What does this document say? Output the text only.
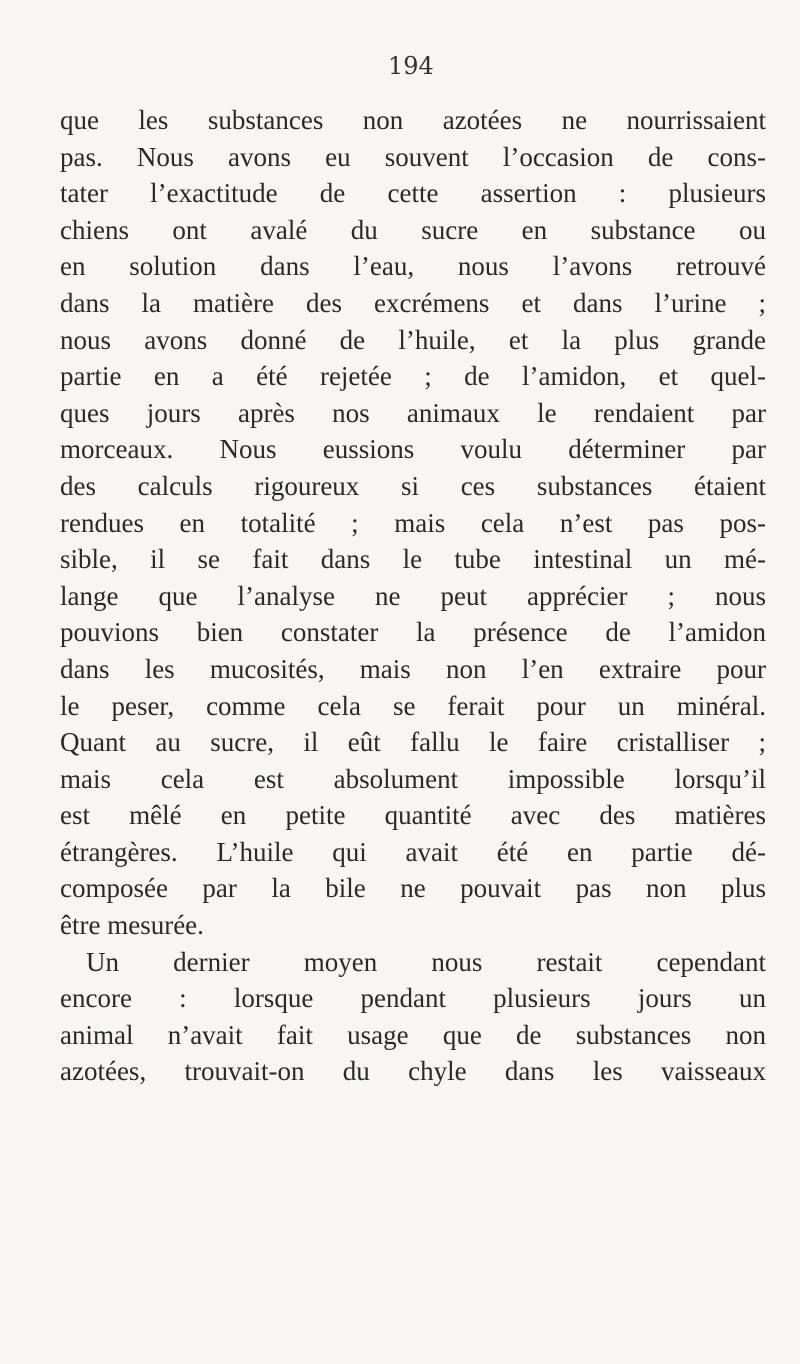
194
que les substances non azotées ne nourrissaient
pas. Nous avons eu souvent l’occasion de cons-
tater l’exactitude de cette assertion : plusieurs
chiens ont avalé du sucre en substance ou
en solution dans l’eau, nous l’avons retrouvé
dans la matière des excrémens et dans l’urine ;
nous avons donné de l’huile, et la plus grande
partie en a été rejetée ; de l’amidon, et quel-
ques jours après nos animaux le rendaient par
morceaux. Nous eussions voulu déterminer par
des calculs rigoureux si ces substances étaient
rendues en totalité ; mais cela n’est pas pos-
sible, il se fait dans le tube intestinal un mé-
lange que l’analyse ne peut apprécier ; nous
pouvions bien constater la présence de l’amidon
dans les mucosités, mais non l’en extraire pour
le peser, comme cela se ferait pour un minéral.
Quant au sucre, il eût fallu le faire cristalliser ;
mais cela est absolument impossible lorsqu’il
est mêlé en petite quantité avec des matières
étrangères. L’huile qui avait été en partie dé-
composée par la bile ne pouvait pas non plus
être mesurée.
Un dernier moyen nous restait cependant
encore : lorsque pendant plusieurs jours un
animal n’avait fait usage que de substances non
azotées, trouvait-on du chyle dans les vaisseaux
